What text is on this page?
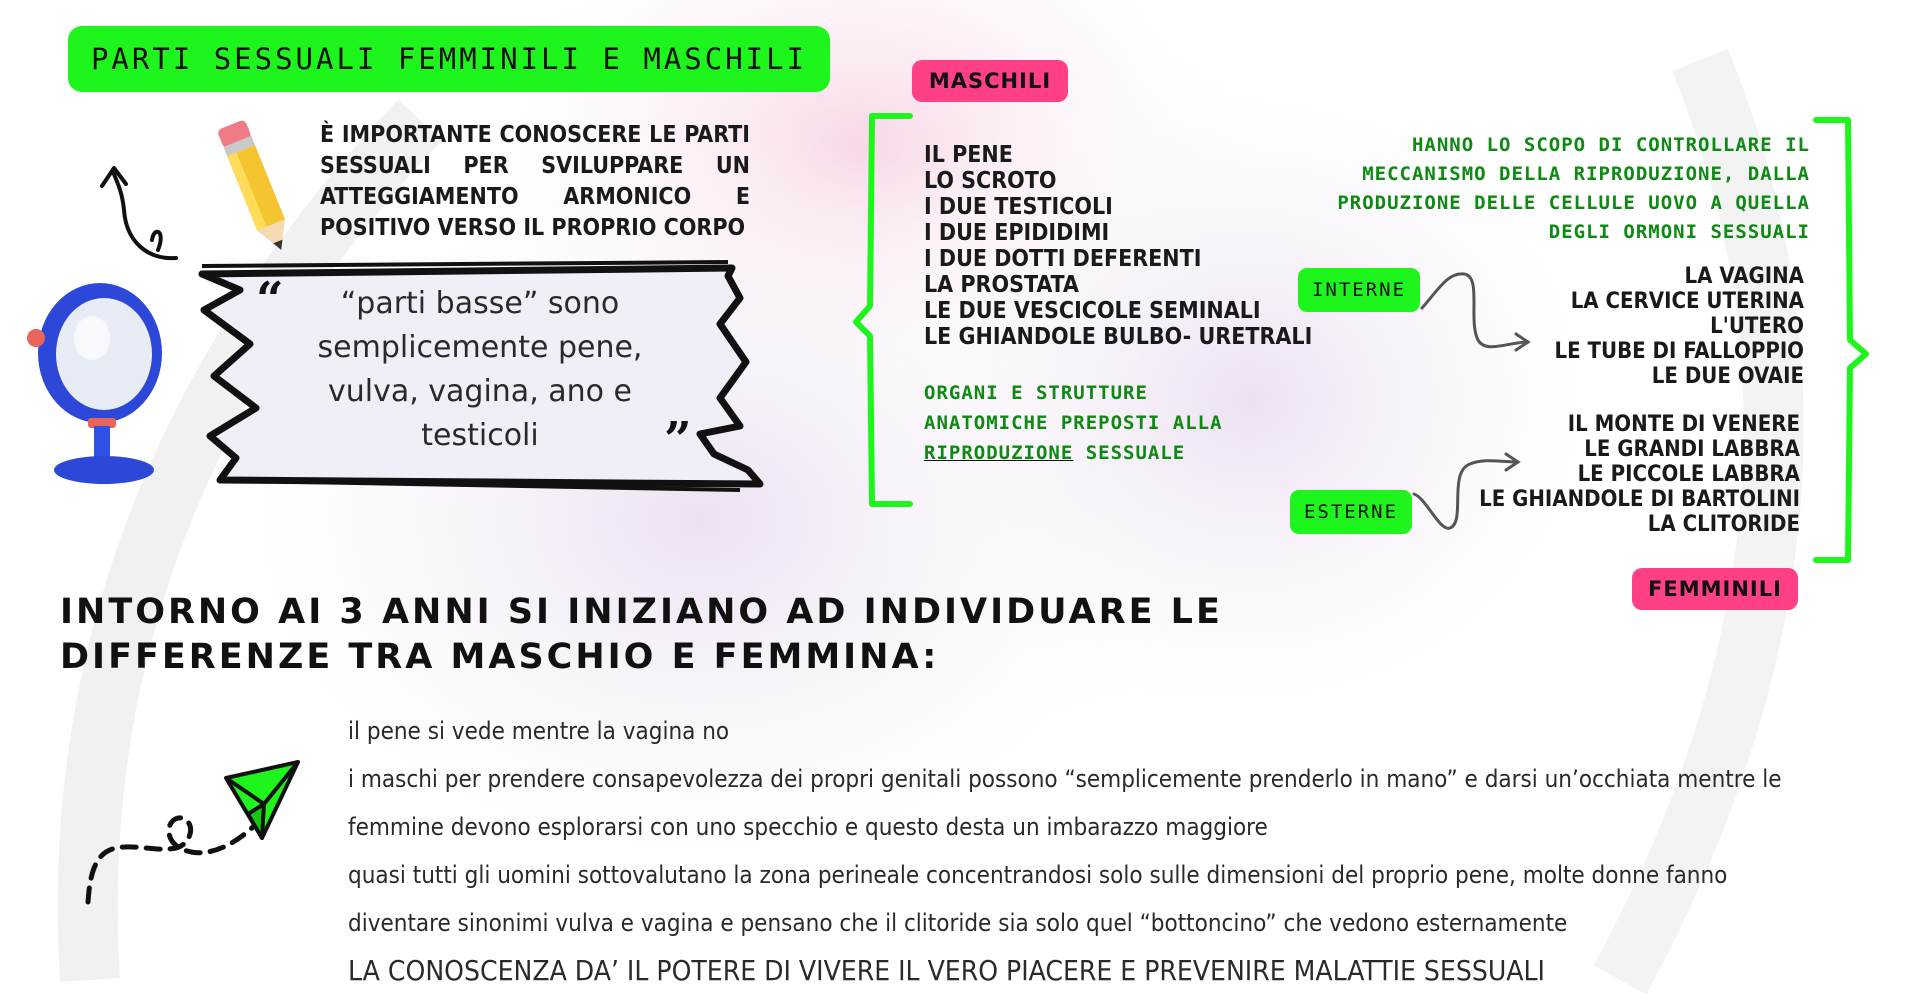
PARTI SESSUALI FEMMINILI E MASCHILI
È IMPORTANTE CONOSCERE LE PARTI SESSUALI PER SVILUPPARE UN ATTEGGIAMENTO ARMONICO E POSITIVO VERSO IL PROPRIO CORPO
“
”
“parti basse” sono
semplicemente pene,
vulva, vagina, ano e
testicoli
MASCHILI
IL PENE
LO SCROTO
I DUE TESTICOLI
I DUE EPIDIDIMI
I DUE DOTTI DEFERENTI
LA PROSTATA
LE DUE VESCICOLE SEMINALI
LE GHIANDOLE BULBO- URETRALI
ORGANI E STRUTTURE
ANATOMICHE PREPOSTI ALLA
RIPRODUZIONE SESSUALE
HANNO LO SCOPO DI CONTROLLARE IL
MECCANISMO DELLA RIPRODUZIONE, DALLA
PRODUZIONE DELLE CELLULE UOVO A QUELLA
DEGLI ORMONI SESSUALI
INTERNE
LA VAGINA
LA CERVICE UTERINA
L'UTERO
LE TUBE DI FALLOPPIO
LE DUE OVAIE
ESTERNE
IL MONTE DI VENERE
LE GRANDI LABBRA
LE PICCOLE LABBRA
LE GHIANDOLE DI BARTOLINI
LA CLITORIDE
FEMMINILI
INTORNO AI 3 ANNI SI INIZIANO AD INDIVIDUARE LE
DIFFERENZE TRA MASCHIO E FEMMINA:
il pene si vede mentre la vagina no
i maschi per prendere consapevolezza dei propri genitali possono “semplicemente prenderlo in mano” e darsi un’occhiata mentre le
femmine devono esplorarsi con uno specchio e questo desta un imbarazzo maggiore
quasi tutti gli uomini sottovalutano la zona perineale concentrandosi solo sulle dimensioni del proprio pene, molte donne fanno
diventare sinonimi vulva e vagina e pensano che il clitoride sia solo quel “bottoncino” che vedono esternamente
LA CONOSCENZA DA’ IL POTERE DI VIVERE IL VERO PIACERE E PREVENIRE MALATTIE SESSUALI
